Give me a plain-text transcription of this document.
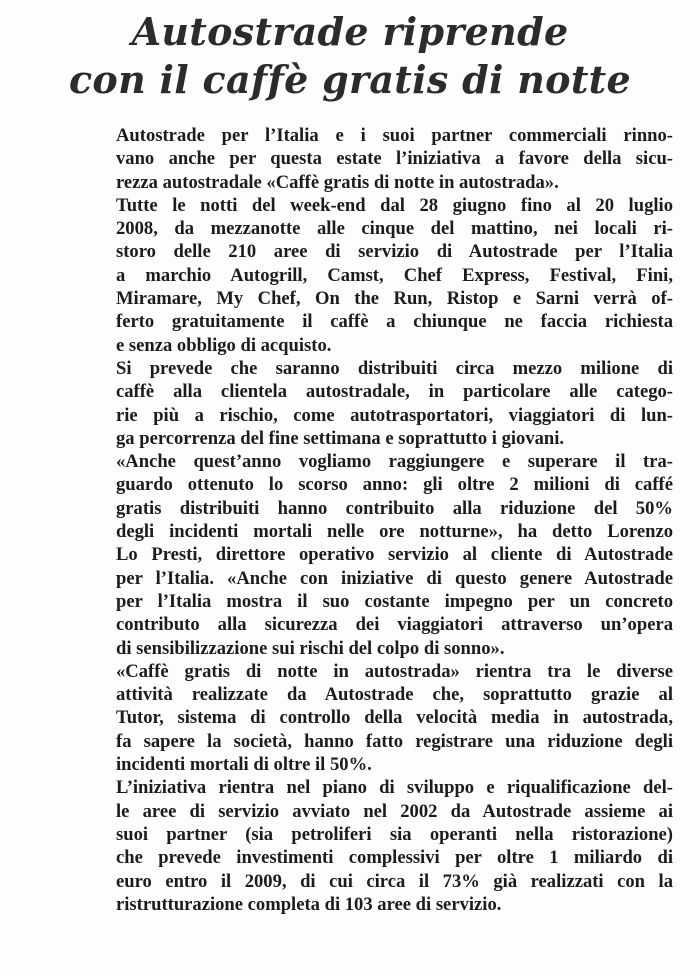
Autostrade riprende
con il caffè gratis di notte

Autostrade per l’Italia e i suoi partner commerciali rinno-
vano anche per questa estate l’iniziativa a favore della sicu-
rezza autostradale «Caffè gratis di notte in autostrada».

Tutte le notti del week-end dal 28 giugno fino al 20 luglio
2008, da mezzanotte alle cinque del mattino, nei locali ri-
storo delle 210 aree di servizio di Autostrade per l’Italia
a marchio Autogrill, Camst, Chef Express, Festival, Fini,
Miramare, My Chef, On the Run, Ristop e Sarni verrà of-
ferto gratuitamente il caffè a chiunque ne faccia richiesta
e senza obbligo di acquisto.

Si prevede che saranno distribuiti circa mezzo milione di
caffè alla clientela autostradale, in particolare alle catego-
rie più a rischio, come autotrasportatori, viaggiatori di lun-
ga percorrenza del fine settimana e soprattutto i giovani.

«Anche quest’anno vogliamo raggiungere e superare il tra-
guardo ottenuto lo scorso anno: gli oltre 2 milioni di caffé
gratis distribuiti hanno contribuito alla riduzione del 50%
degli incidenti mortali nelle ore notturne», ha detto Lorenzo
Lo Presti, direttore operativo servizio al cliente di Autostrade
per l’Italia. «Anche con iniziative di questo genere Autostrade
per l’Italia mostra il suo costante impegno per un concreto
contributo alla sicurezza dei viaggiatori attraverso un’opera
di sensibilizzazione sui rischi del colpo di sonno».

«Caffè gratis di notte in autostrada» rientra tra le diverse
attività realizzate da Autostrade che, soprattutto grazie al
Tutor, sistema di controllo della velocità media in autostrada,
fa sapere la società, hanno fatto registrare una riduzione degli
incidenti mortali di oltre il 50%.

L’iniziativa rientra nel piano di sviluppo e riqualificazione del-
le aree di servizio avviato nel 2002 da Autostrade assieme ai
suoi partner (sia petroliferi sia operanti nella ristorazione)
che prevede investimenti complessivi per oltre 1 miliardo di
euro entro il 2009, di cui circa il 73% già realizzati con la
ristrutturazione completa di 103 aree di servizio.
